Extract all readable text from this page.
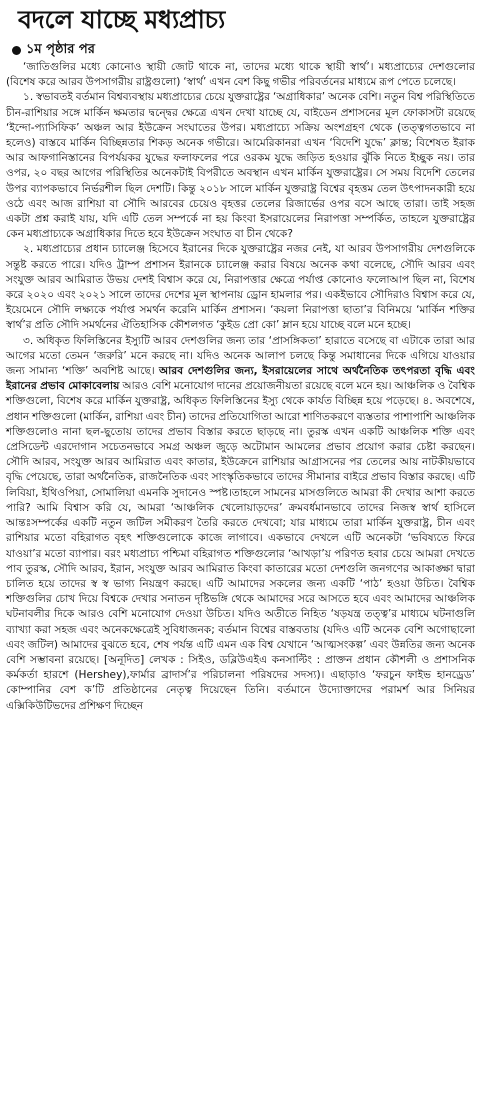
বদলে যাচ্ছে মধ্যপ্রাচ্য
১ম পৃষ্ঠার পর

‘জাতিগুলির মধ্যে কোনোও স্থায়ী জোট থাকে না, তাদের মধ্যে থাকে স্থায়ী স্বার্থ’। মধ্যপ্রাচ্যের দেশগুলোর (বিশেষ করে আরব উপসাগরীয় রাষ্ট্রগুলো) ‘স্বার্থ’ এখন বেশ কিছু গভীর পরিবর্তনের মাধ্যমে রূপ পেতে চলেছে।

১. স্বভাবতই বর্তমান বিশ্বব্যবস্থায় মধ্যপ্রাচ্যের চেয়ে যুক্তরাষ্ট্রের ‘অগ্রাধিকার’ অনেক বেশি। নতুন বিশ্ব পরিস্থিতিতে চীন-রাশিয়ার সঙ্গে মার্কিন ক্ষমতার দ্বন্দ্বের ক্ষেত্রে এখন দেখা যাচ্ছে যে, বাইডেন প্রশাসনের মূল ফোকাসটা রয়েছে ‘ইন্দো-প্যাসিফিক’ অঞ্চল আর ইউক্রেন সংঘাতের উপর। মধ্যপ্রাচ্যে সক্রিয় অংশগ্রহণ থেকে (তত্ত্বগতভাবে না হলেও) বাস্তবে মার্কিন বিচ্ছিন্নতার শিকড় অনেক গভীরে। আমেরিকানরা এখন ‘বিদেশি যুদ্ধে’ ক্লান্ত; বিশেষত ইরাক আর আফগানিস্তানের বিপর্যয়কর যুদ্ধের ফলাফলের পরে ওরকম যুদ্ধে জড়িত হওয়ার ঝুঁকি নিতে ইচ্ছুক নয়। তার ওপর, ২০ বছর আগের পরিস্থিতির অনেকটাই বিপরীতে অবস্থান এখন মার্কিন যুক্তরাষ্ট্রের। সে সময় বিদেশি তেলের উপর ব্যাপকভাবে নির্ভরশীল ছিল দেশটি। কিন্তু ২০১৮ সালে মার্কিন যুক্তরাষ্ট্র বিশ্বের বৃহত্তম তেল উৎপাদনকারী হয়ে ওঠে এবং আজ রাশিয়া বা সৌদি আরবের চেয়েও বৃহত্তর তেলের রিজার্ভের ওপর বসে আছে তারা। তাই সহজ একটা প্রশ্ন করাই যায়, যদি এটি তেল সম্পর্কে না হয় কিংবা ইসরায়েলের নিরাপত্তা সম্পর্কিত, তাহলে যুক্তরাষ্ট্রের কেন মধ্যপ্রাচ্যকে অগ্রাধিকার দিতে হবে ইউক্রেন সংঘাত বা চীন থেকে?

২. মধ্যপ্রাচ্যের প্রধান চ্যালেঞ্জ হিসেবে ইরানের দিকে যুক্তরাষ্ট্রের নজর নেই, যা আরব উপসাগরীয় দেশগুলিকে সন্তুষ্ট করতে পারে। যদিও ট্রাম্প প্রশাসন ইরানকে চ্যালেঞ্জ করার বিষয়ে অনেক কথা বলেছে, সৌদি আরব এবং সংযুক্ত আরব আমিরাত উভয় দেশই বিশ্বাস করে যে, নিরাপত্তার ক্ষেত্রে পর্যাপ্ত কোনোও ফলোআপ ছিল না, বিশেষ করে ২০২০ এবং ২০২১ সালে তাদের দেশের মূল স্থাপনায় ড্রোন হামলার পর। একইভাবে সৌদিরাও বিশ্বাস করে যে, ইয়েমেনে সৌদি লক্ষ্যকে পর্যাপ্ত সমর্থন করেনি মার্কিন প্রশাসন। ‘কয়লা নিরাপত্তা ছাতা’র বিনিময়ে ‘মার্কিন শক্তির স্বার্থ’র প্রতি সৌদি সমর্থনের ঐতিহাসিক কৌশলগত ‘কুইড প্রো কো’ ম্লান হয়ে যাচ্ছে বলে মনে হচ্ছে।

৩. অধিকৃত ফিলিস্তিনের ইস্যুটি আরব দেশগুলির জন্য তার ‘প্রাসঙ্গিকতা’ হারাতে বসেছে বা এটাকে তারা আর আগের মতো তেমন ‘জরুরি’ মনে করছে না। যদিও অনেক আলাপ চলছে কিন্তু সমাধানের দিকে এগিয়ে যাওয়ার জন্য সামান্য ‘শক্তি’ অবশিষ্ট আছে। আরব দেশগুলির জন্য, ইসরায়েলের সাথে অর্থনৈতিক তৎপরতা বৃদ্ধি এবং ইরানের প্রভাব মোকাবেলায় আরও বেশি মনোযোগ দানের প্রয়োজনীয়তা রয়েছে বলে মনে হয়। আঞ্চলিক ও বৈশ্বিক শক্তিগুলো, বিশেষ করে মার্কিন যুক্তরাষ্ট্র, অধিকৃত ফিলিস্তিনের ইস্যু থেকে কার্যত বিচ্ছিন্ন হয়ে পড়েছে। ৪. অবশেষে, প্রধান শক্তিগুলো (মার্কিন, রাশিয়া এবং চীন) তাদের প্রতিযোগিতা আরো শাণিতকরণে ব্যস্ততার পাশাপাশি আঞ্চলিক শক্তিগুলোও নানা ছল-ছুতোয় তাদের প্রভাব বিস্তার করতে ছাড়ছে না। তুরস্ক এখন একটি আঞ্চলিক শক্তি এবং প্রেসিডেন্ট এরদোগান সচেতনভাবে সমগ্র অঞ্চল জুড়ে অটোমান আমলের প্রভাব প্রয়োগ করার চেষ্টা করছেন। সৌদি আরব, সংযুক্ত আরব আমিরাত এবং কাতার, ইউক্রেনে রাশিয়ার আগ্রাসনের পর তেলের আয় নাটকীয়ভাবে বৃদ্ধি পেয়েছে, তারা অর্থনৈতিক, রাজনৈতিক এবং সাংস্কৃতিকভাবে তাদের সীমানার বাইরে প্রভাব বিস্তার করছে। এটি লিবিয়া, ইথিওপিয়া, সোমালিয়া এমনকি সুদানেও স্পষ্ট।তাহলে সামনের মাসগুলিতে আমরা কী দেখার আশা করতে পারি? আমি বিশ্বাস করি যে, আমরা ‘আঞ্চলিক খেলোয়াড়দের’ ক্রমবর্ধমানভাবে তাদের নিজস্ব স্বার্থ হাসিলে আন্তঃসম্পর্কের একটি নতুন জটিল সমীকরণ তৈরি করতে দেখবো; যার মাধ্যমে তারা মার্কিন যুক্তরাষ্ট্র, চীন এবং রাশিয়ার মতো বহিরাগত বৃহৎ শক্তিগুলোকে কাজে লাগাবে। একভাবে দেখলে এটি অনেকটা ‘ভবিষ্যতে ফিরে যাওয়া’র মতো ব্যাপার। বরং মধ্যপ্রাচ্য পশ্চিমা বহিরাগত শক্তিগুলোর ‘আখড়া’য় পরিণত হবার চেয়ে আমরা দেখতে পাব তুরস্ক, সৌদি আরব, ইরান, সংযুক্ত আরব আমিরাত কিংবা কাতারের মতো দেশগুলি জনগণের আকাঙ্ক্ষা দ্বারা চালিত হয়ে তাদের স্ব স্ব ভাগ্য নিয়ন্ত্রণ করছে। এটি আমাদের সকলের জন্য একটি ‘পাঠ’ হওয়া উচিত। বৈশ্বিক শক্তিগুলির চোখ দিয়ে বিশ্বকে দেখার সনাতন দৃষ্টিভঙ্গি থেকে আমাদের সরে আসতে হবে এবং আমাদের আঞ্চলিক ঘটনাবলীর দিকে আরও বেশি মনোযোগ দেওয়া উচিত। যদিও অতীতে নিহিত ‘ষড়যন্ত্র তত্ত্ব’র মাধ্যমে ঘটনাগুলি ব্যাখ্যা করা সহজ এবং অনেকক্ষেত্রেই সুবিধাজনক; বর্তমান বিশ্বের বাস্তবতায় (যদিও এটি অনেক বেশি অগোছালো এবং জটিল) আমাদের বুঝতে হবে, শেষ পর্যন্ত এটি এমন এক বিশ্ব যেখানে ‘আত্মসংকল্প’ এবং উন্নতির জন্য অনেক বেশি সম্ভাবনা রয়েছে। [অনূদিত] লেখক : সিইও, ডব্লিউএইএ কনসাল্টিং : প্রাক্তন প্রধান কৌশলী ও প্রশাসনিক কর্মকর্তা হারশে (Hershey),ফার্মার ব্রাদার্স’র পরিচালনা পরিষদের সদস্য)। এছাড়াও ‘ফরচুন ফাইভ হানড্রেড’ কোম্পানির বেশ ক’টি প্রতিষ্ঠানের নেতৃত্ব দিয়েছেন তিনি। বর্তমানে উদ্যোক্তাদের পরামর্শ আর সিনিয়র এক্সিকিউটিভদের প্রশিক্ষণ দিচ্ছেন
